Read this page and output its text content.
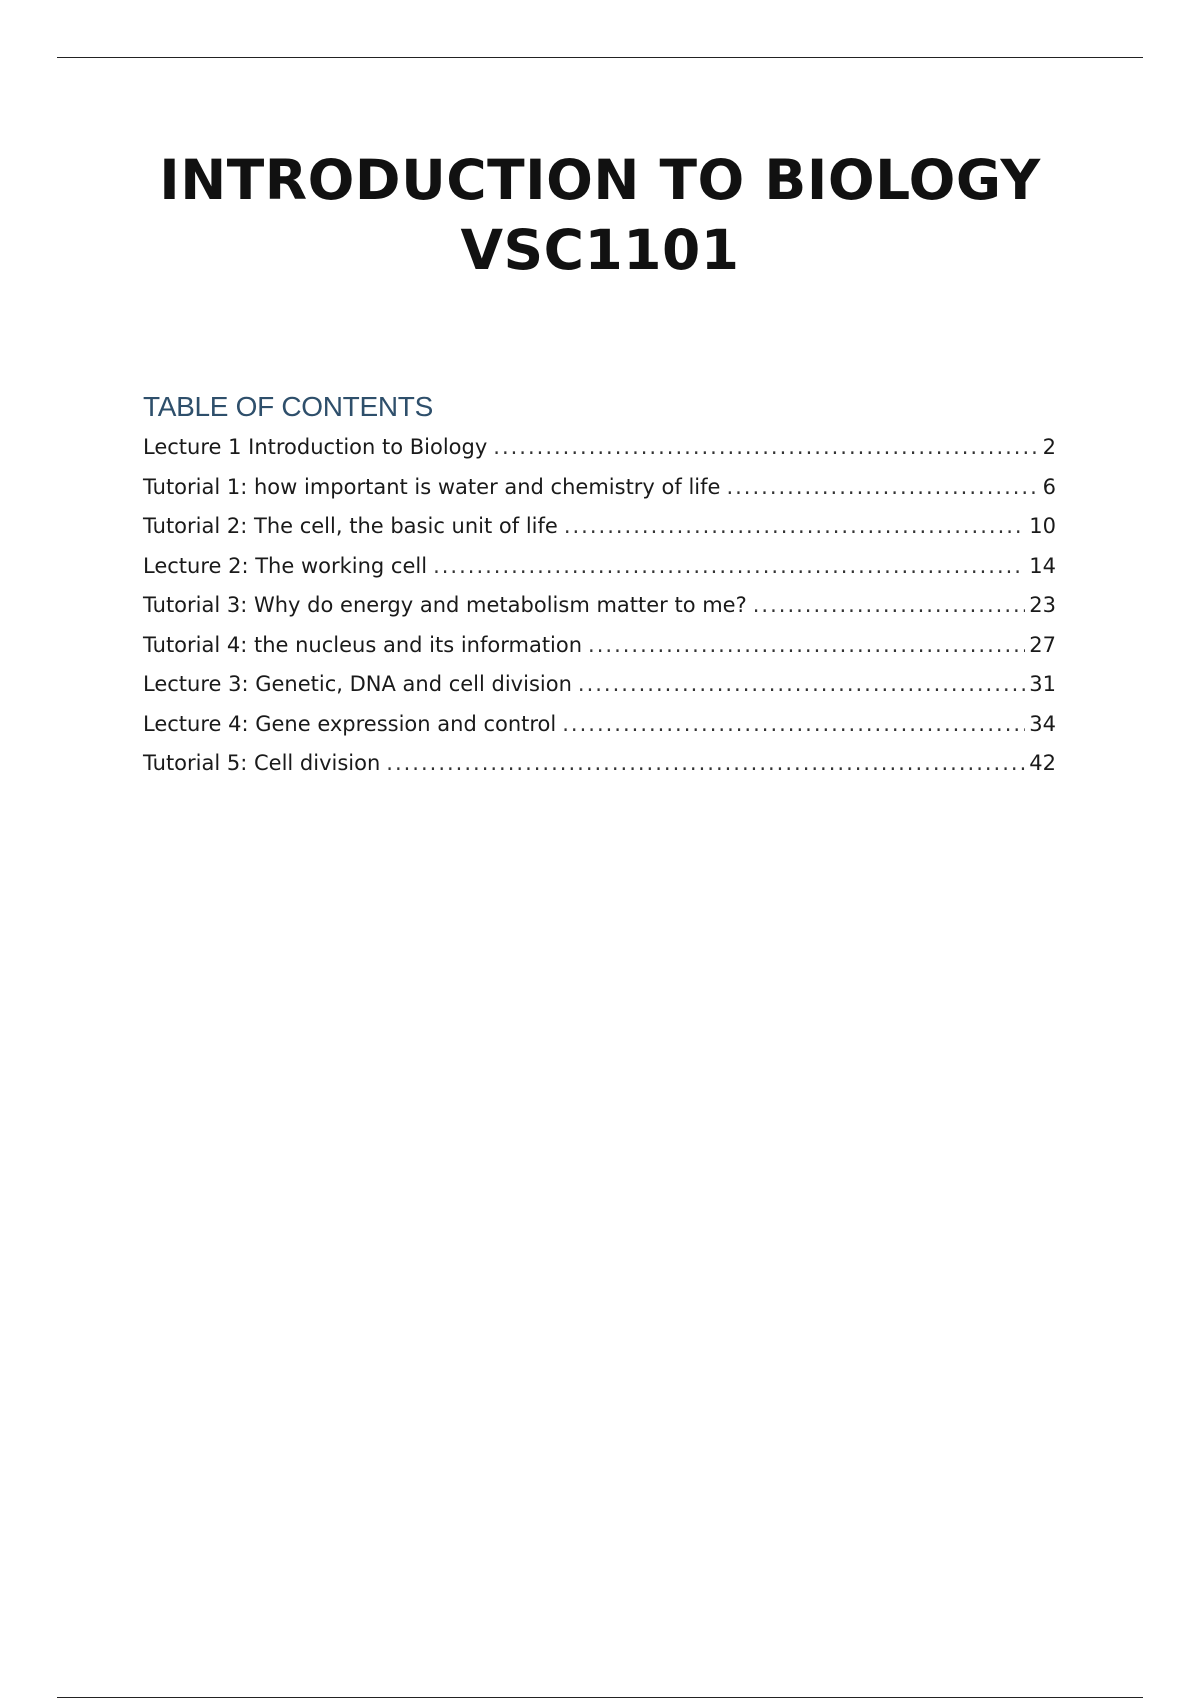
INTRODUCTION TO BIOLOGY
VSC1101
TABLE OF CONTENTS
Lecture 1 Introduction to Biology .....	2
Tutorial 1: how important is water and chemistry of life .....	6
Tutorial 2: The cell, the basic unit of life .....	10
Lecture 2: The working cell .....	14
Tutorial 3: Why do energy and metabolism matter to me? .....	23
Tutorial 4: the nucleus and its information .....	27
Lecture 3: Genetic, DNA and cell division .....	31
Lecture 4: Gene expression and control .....	34
Tutorial 5: Cell division .....	42
